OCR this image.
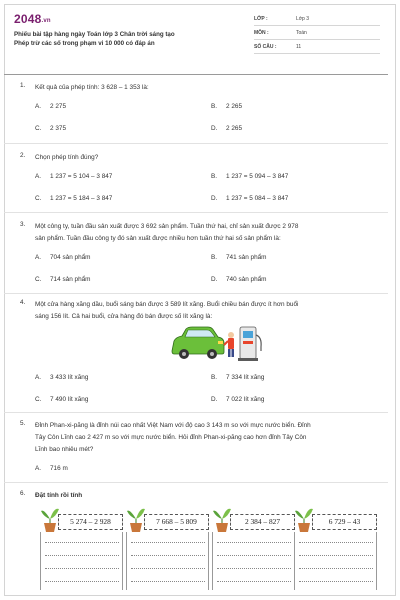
2048.vn
Phiếu bài tập hàng ngày Toán lớp 3 Chân trời sáng tạo
Phép trừ các số trong phạm vi 10 000 có đáp án
LỚP :	Lớp 3
MÔN :	Toán
SỐ CÂU :	11
1. Kết quả của phép tính: 3 628 – 1 353 là:
A. 2 275	B. 2 265
C. 2 375	D. 2 265
2. Chọn phép tính đúng?
A. 1 237 = 5 104 – 3 847	B. 1 237 = 5 094 – 3 847
C. 1 237 = 5 184 – 3 847	D. 1 237 = 5 084 – 3 847
3. Một công ty, tuần đầu sản xuất được 3 692 sản phẩm. Tuần thứ hai, chỉ sản xuất được 2 978
sản phẩm. Tuần đầu công ty đó sản xuất được nhiều hơn tuần thứ hai số sản phẩm là:
A. 704 sản phẩm	B. 741 sản phẩm
C. 714 sản phẩm	D. 740 sản phẩm
4. Một cửa hàng xăng dầu, buổi sáng bán được 3 589 lít xăng. Buổi chiều bán được ít hơn buổi
sáng 156 lít. Cả hai buổi, cửa hàng đó bán được số lít xăng là:
A. 3 433 lít xăng	B. 7 334 lít xăng
C. 7 490 lít xăng	D. 7 022 lít xăng
5. Đỉnh Phan-xi-păng là đỉnh núi cao nhất Việt Nam với độ cao 3 143 m so với mực nước biển. Đỉnh
Tây Côn Lĩnh cao 2 427 m so với mực nước biển. Hỏi đỉnh Phan-xi-păng cao hơn đỉnh Tây Côn
Lĩnh bao nhiêu mét?
A. 716 m
6. Đặt tính rồi tính
5 274 – 2 928	7 668 – 5 809	2 384 – 827	6 729 – 43
